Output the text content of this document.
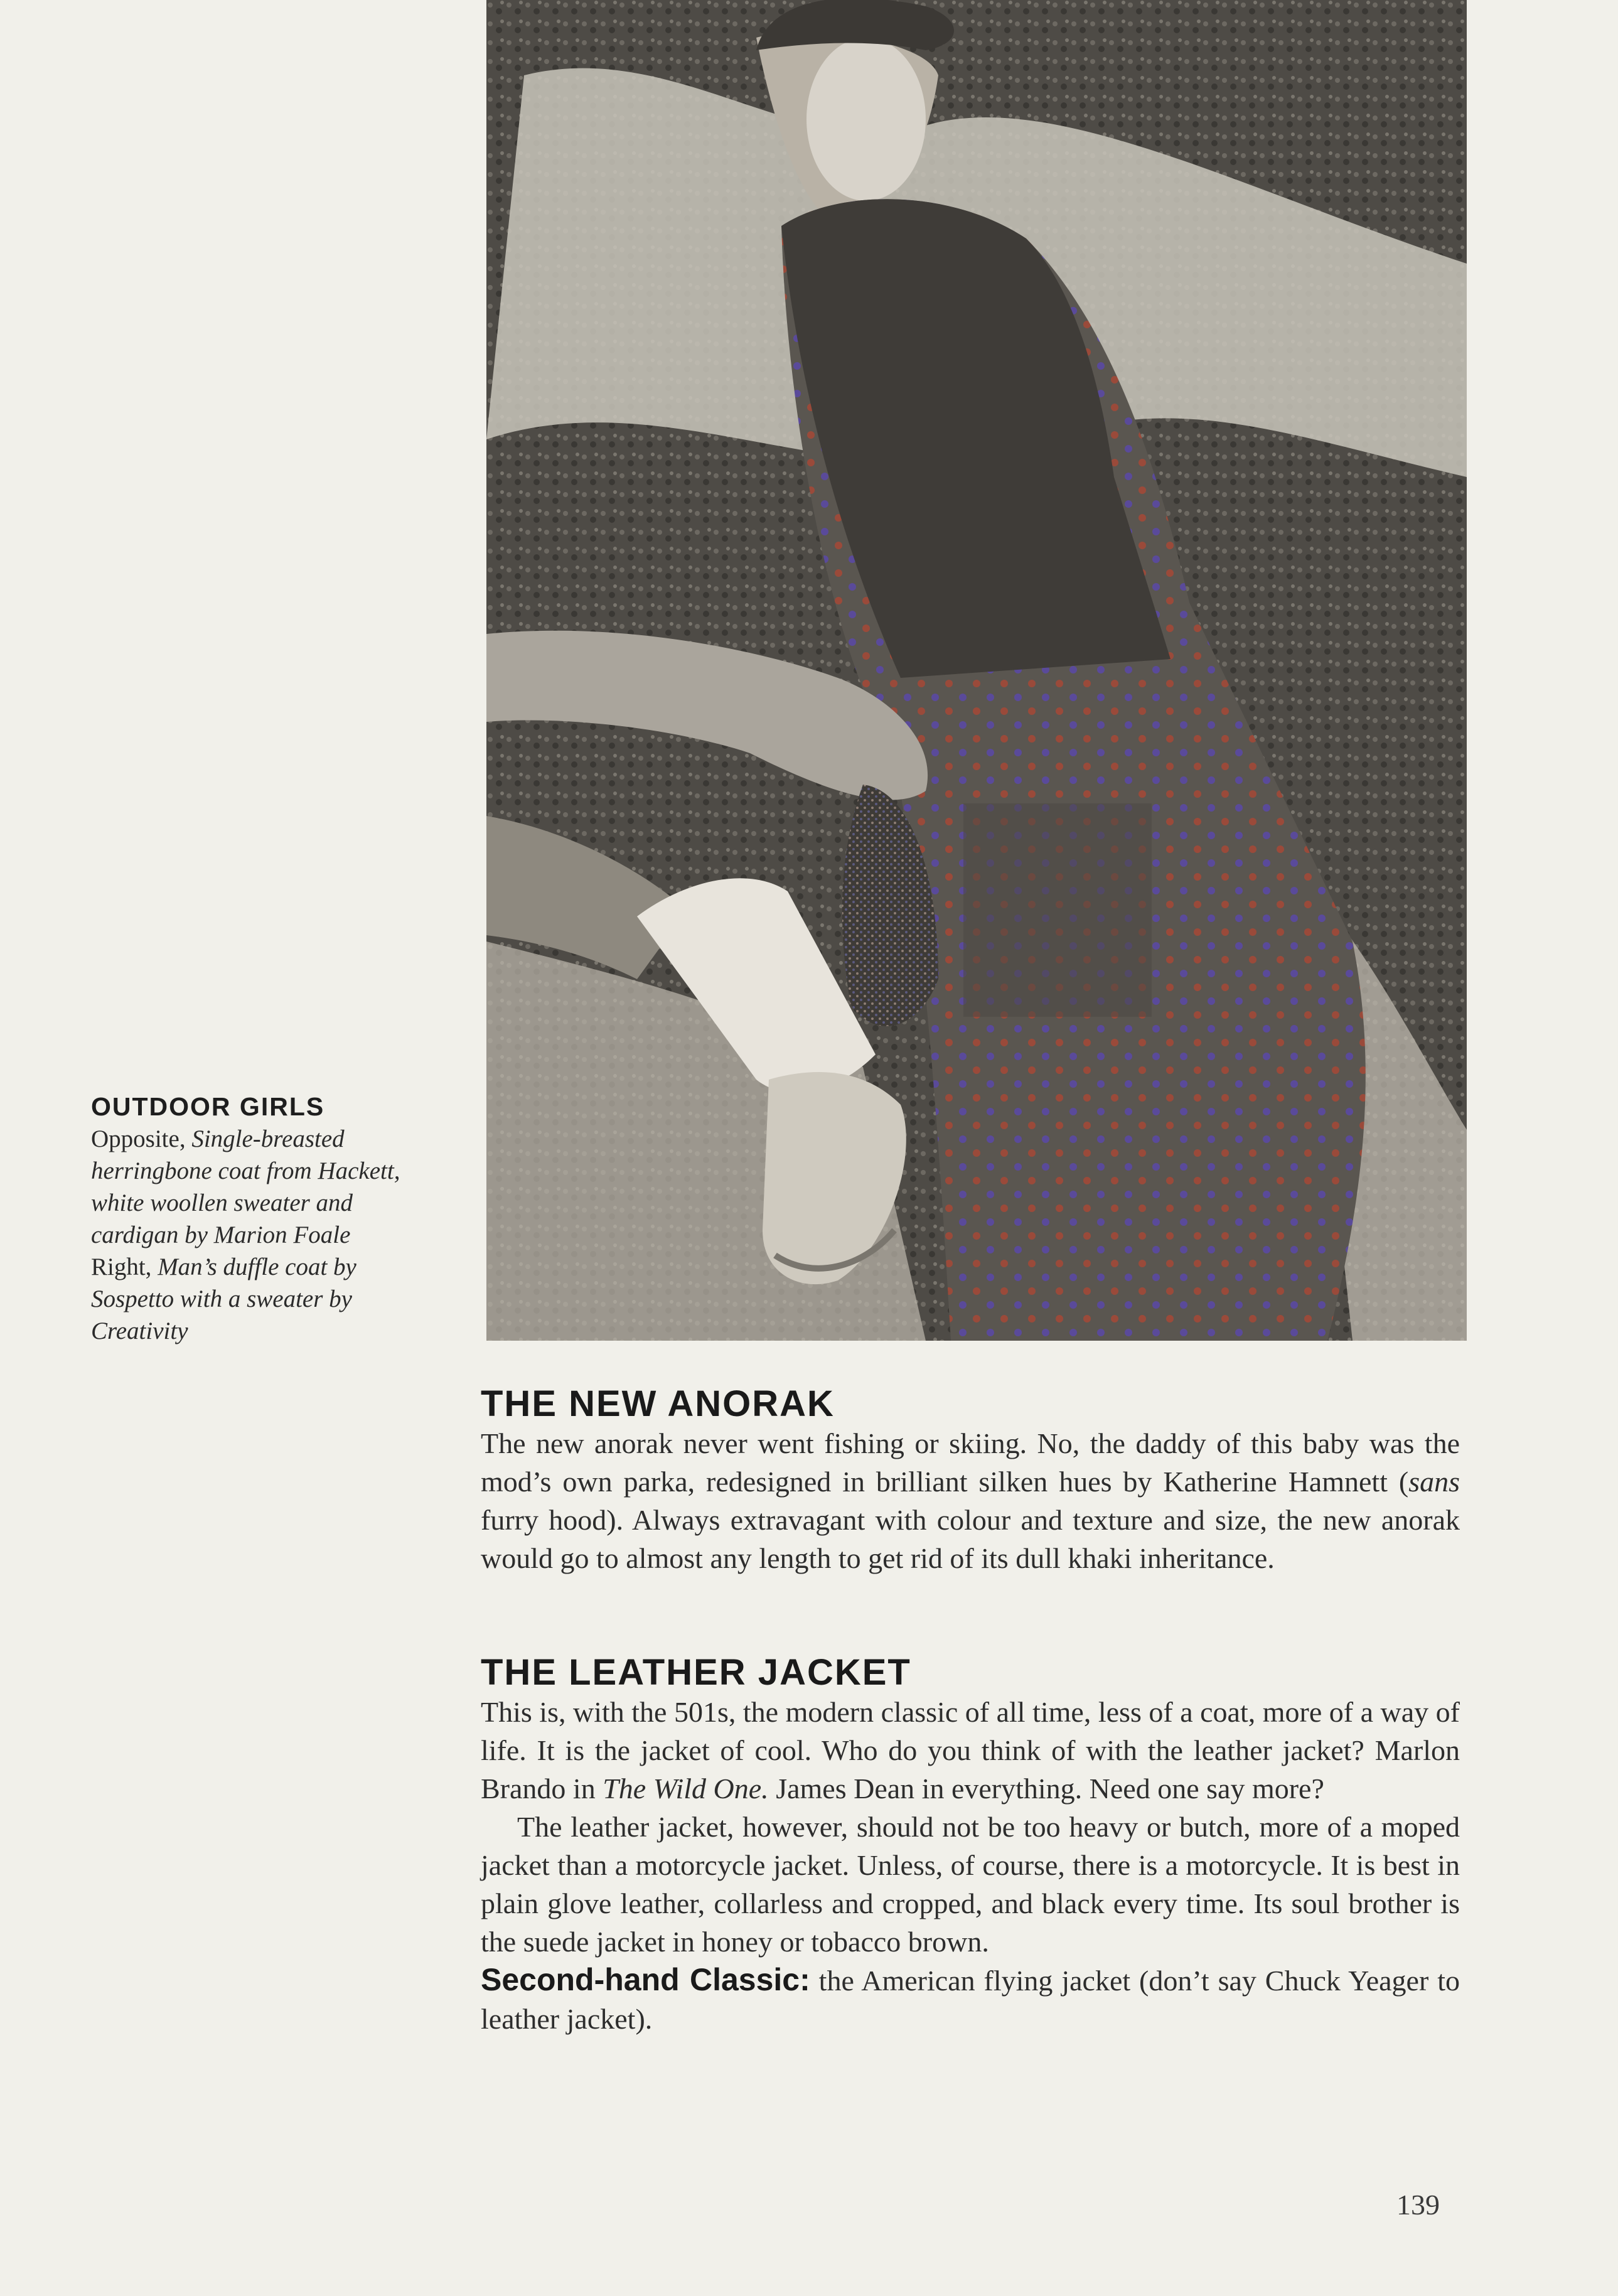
OUTDOOR GIRLS
Opposite, Single-breasted herringbone coat from Hackett, white woollen sweater and cardigan by Marion Foale
Right, Man’s duffle coat by Sospetto with a sweater by Creativity
THE NEW ANORAK

The new anorak never went fishing or skiing. No, the daddy of this baby was the mod’s own parka, redesigned in brilliant silken hues by Katherine Hamnett (sans furry hood). Always extravagant with colour and texture and size, the new anorak would go to almost any length to get rid of its dull khaki inheritance.

THE LEATHER JACKET

This is, with the 501s, the modern classic of all time, less of a coat, more of a way of life. It is the jacket of cool. Who do you think of with the leather jacket? Marlon Brando in The Wild One. James Dean in everything. Need one say more?

The leather jacket, however, should not be too heavy or butch, more of a moped jacket than a motorcycle jacket. Unless, of course, there is a motorcycle. It is best in plain glove leather, collarless and cropped, and black every time. Its soul brother is the suede jacket in honey or tobacco brown.

Second-hand Classic: the American flying jacket (don’t say Chuck Yeager to leather jacket).

139
